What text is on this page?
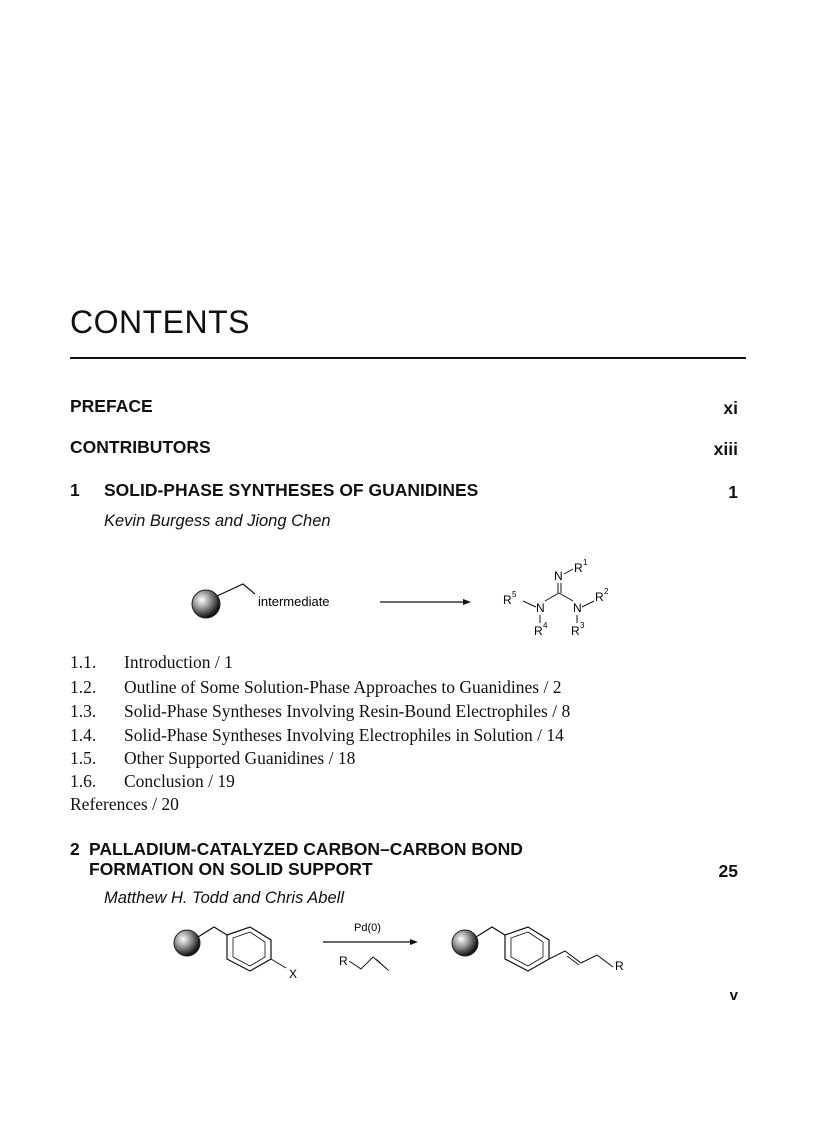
CONTENTS
PREFACE	xi
CONTRIBUTORS	xiii
1 SOLID-PHASE SYNTHESES OF GUANIDINES	1
Kevin Burgess and Jiong Chen
intermediate
N
R 1
N N
R 5	R 2
R 4 R 3
1.1. Introduction / 1
1.2. Outline of Some Solution-Phase Approaches to Guanidines / 2
1.3. Solid-Phase Syntheses Involving Resin-Bound Electrophiles / 8
1.4. Solid-Phase Syntheses Involving Electrophiles in Solution / 14
1.5. Other Supported Guanidines / 18
1.6. Conclusion / 19
References / 20
2 PALLADIUM-CATALYZED CARBON–CARBON BOND
FORMATION ON SOLID SUPPORT	25
Matthew H. Todd and Chris Abell
X
Pd(0)
R	R
v
